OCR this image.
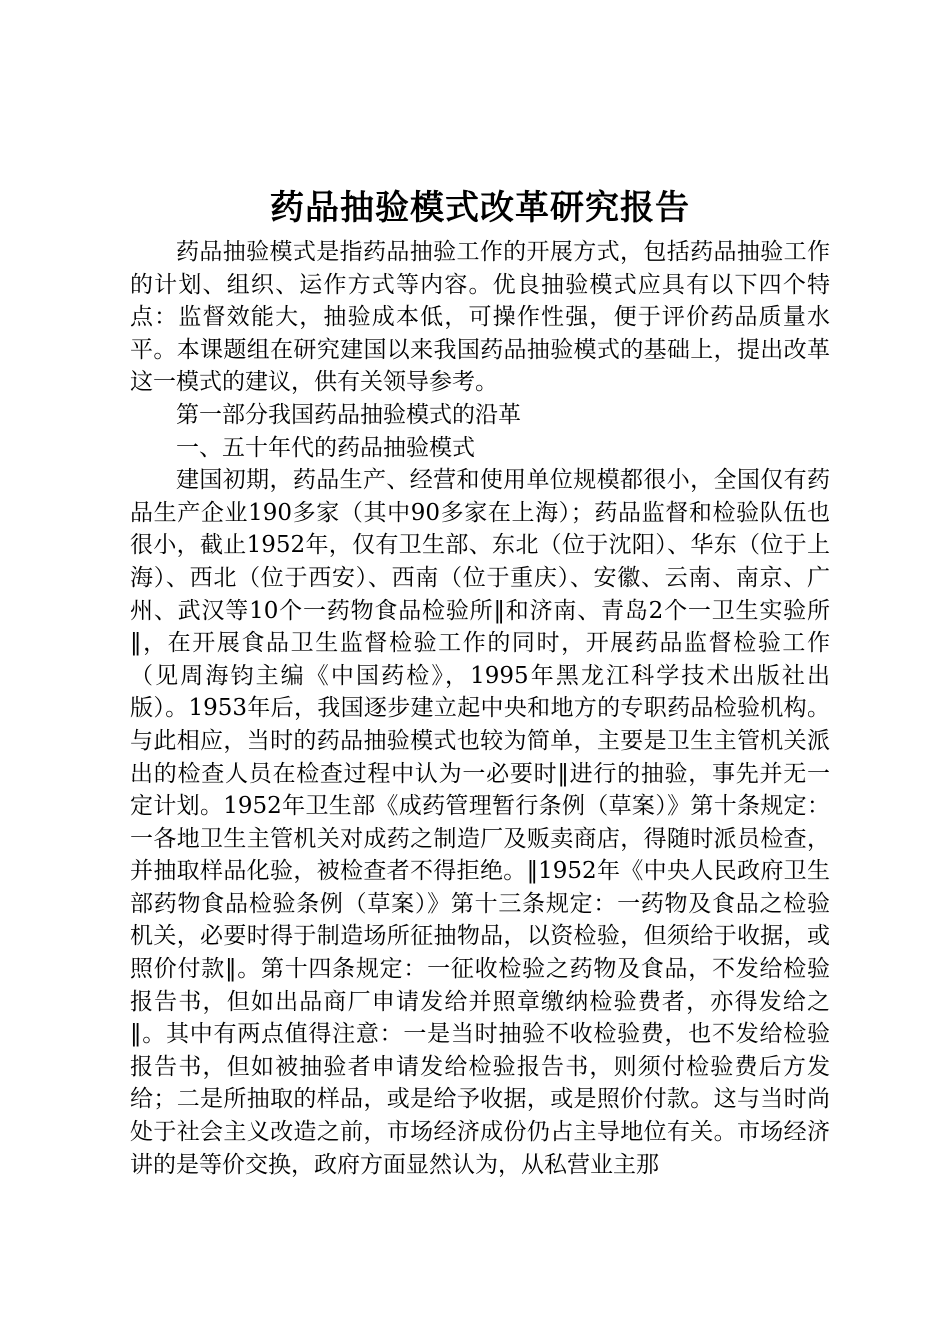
药品抽验模式改革研究报告

药品抽验模式是指药品抽验工作的开展方式，包括药品抽验工作的计划、组织、运作方式等内容。优良抽验模式应具有以下四个特点：监督效能大，抽验成本低，可操作性强，便于评价药品质量水平。本课题组在研究建国以来我国药品抽验模式的基础上，提出改革这一模式的建议，供有关领导参考。

第一部分我国药品抽验模式的沿革

一、五十年代的药品抽验模式

建国初期，药品生产、经营和使用单位规模都很小，全国仅有药品生产企业190多家（其中90多家在上海）；药品监督和检验队伍也很小，截止1952年，仅有卫生部、东北（位于沈阳）、华东（位于上海）、西北（位于西安）、西南（位于重庆）、安徽、云南、南京、广州、武汉等10个一药物食品检验所‖和济南、青岛2个一卫生实验所‖，在开展食品卫生监督检验工作的同时，开展药品监督检验工作（见周海钧主编《中国药检》，1995年黑龙江科学技术出版社出版）。1953年后，我国逐步建立起中央和地方的专职药品检验机构。与此相应，当时的药品抽验模式也较为简单，主要是卫生主管机关派出的检查人员在检查过程中认为一必要时‖进行的抽验，事先并无一定计划。1952年卫生部《成药管理暂行条例（草案）》第十条规定：一各地卫生主管机关对成药之制造厂及贩卖商店，得随时派员检查，并抽取样品化验，被检查者不得拒绝。‖1952年《中央人民政府卫生部药物食品检验条例（草案）》第十三条规定：一药物及食品之检验机关，必要时得于制造场所征抽物品，以资检验，但须给于收据，或照价付款‖。第十四条规定：一征收检验之药物及食品，不发给检验报告书，但如出品商厂申请发给并照章缴纳检验费者，亦得发给之‖。其中有两点值得注意：一是当时抽验不收检验费，也不发给检验报告书，但如被抽验者申请发给检验报告书，则须付检验费后方发给；二是所抽取的样品，或是给予收据，或是照价付款。这与当时尚处于社会主义改造之前，市场经济成份仍占主导地位有关。市场经济讲的是等价交换，政府方面显然认为，从私营业主那
